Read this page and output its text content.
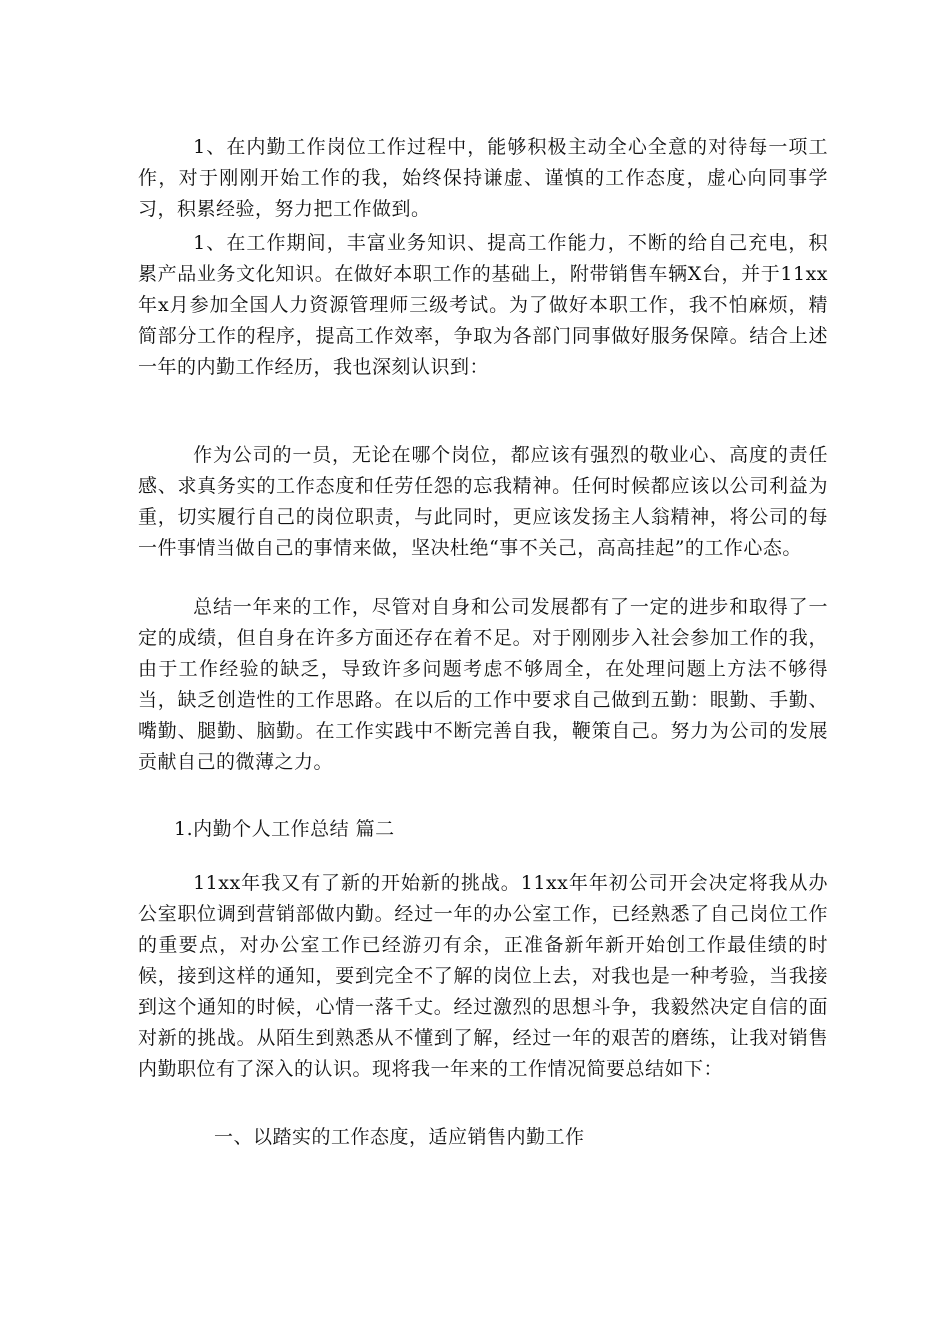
1、在内勤工作岗位工作过程中，能够积极主动全心全意的对待每一项工作，对于刚刚开始工作的我，始终保持谦虚、谨慎的工作态度，虚心向同事学习，积累经验，努力把工作做到。

1、在工作期间，丰富业务知识、提高工作能力，不断的给自己充电，积累产品业务文化知识。在做好本职工作的基础上，附带销售车辆X台，并于11xx年x月参加全国人力资源管理师三级考试。为了做好本职工作，我不怕麻烦，精简部分工作的程序，提高工作效率，争取为各部门同事做好服务保障。结合上述一年的内勤工作经历，我也深刻认识到：

作为公司的一员，无论在哪个岗位，都应该有强烈的敬业心、高度的责任感、求真务实的工作态度和任劳任怨的忘我精神。任何时候都应该以公司利益为重，切实履行自己的岗位职责，与此同时，更应该发扬主人翁精神，将公司的每一件事情当做自己的事情来做，坚决杜绝“事不关己，高高挂起”的工作心态。

总结一年来的工作，尽管对自身和公司发展都有了一定的进步和取得了一定的成绩，但自身在许多方面还存在着不足。对于刚刚步入社会参加工作的我，由于工作经验的缺乏，导致许多问题考虑不够周全，在处理问题上方法不够得当，缺乏创造性的工作思路。在以后的工作中要求自己做到五勤：眼勤、手勤、嘴勤、腿勤、脑勤。在工作实践中不断完善自我，鞭策自己。努力为公司的发展贡献自己的微薄之力。

1.内勤个人工作总结 篇二

11xx年我又有了新的开始新的挑战。11xx年年初公司开会决定将我从办公室职位调到营销部做内勤。经过一年的办公室工作，已经熟悉了自己岗位工作的重要点，对办公室工作已经游刃有余，正准备新年新开始创工作最佳绩的时候，接到这样的通知，要到完全不了解的岗位上去，对我也是一种考验，当我接到这个通知的时候，心情一落千丈。经过激烈的思想斗争，我毅然决定自信的面对新的挑战。从陌生到熟悉从不懂到了解，经过一年的艰苦的磨练，让我对销售内勤职位有了深入的认识。现将我一年来的工作情况简要总结如下：

一、以踏实的工作态度，适应销售内勤工作
